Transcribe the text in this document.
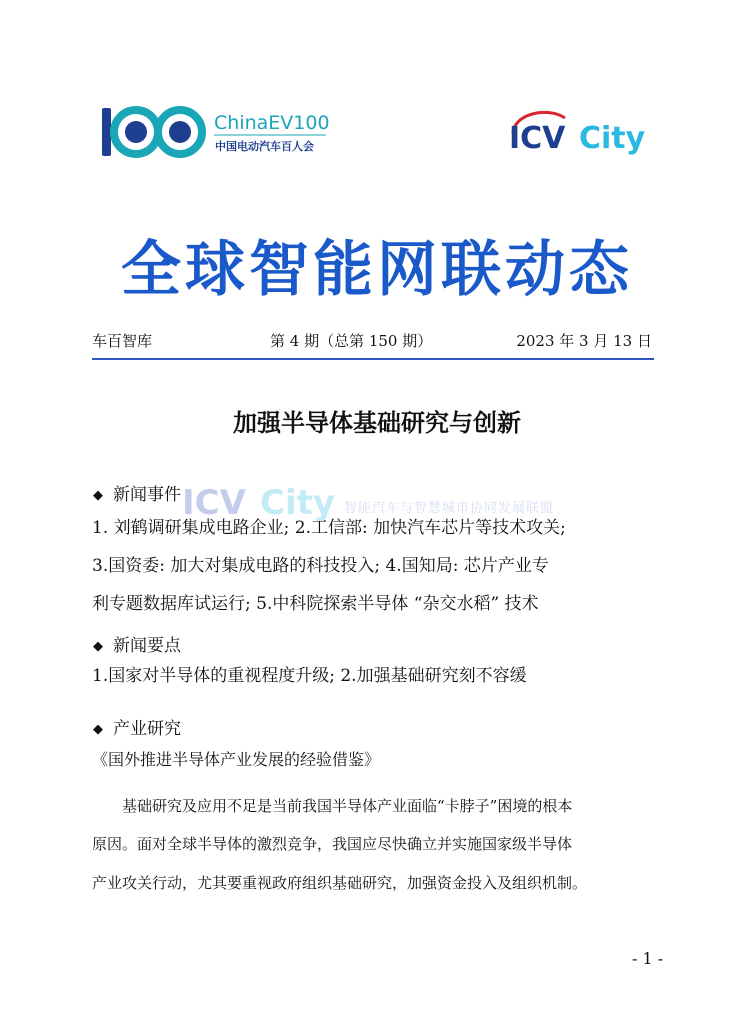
ChinaEV100
中国电动汽车百人会	ICV City
全球智能网联动态
车百智库	第 4 期（总第 150 期）	2023 年 3 月 13 日
加强半导体基础研究与创新
ICV City 智能汽车与智慧城市协同发展联盟
◆ 新闻事件
1. 刘鹤调研集成电路企业; 2.工信部: 加快汽车芯片等技术攻关;
3.国资委: 加大对集成电路的科技投入; 4.国知局: 芯片产业专
利专题数据库试运行; 5.中科院探索半导体 “杂交水稻” 技术
◆ 新闻要点
1.国家对半导体的重视程度升级; 2.加强基础研究刻不容缓
◆ 产业研究
《国外推进半导体产业发展的经验借鉴》
　　基础研究及应用不足是当前我国半导体产业面临“卡脖子”困境的根本
原因。面对全球半导体的激烈竞争，我国应尽快确立并实施国家级半导体
产业攻关行动，尤其要重视政府组织基础研究，加强资金投入及组织机制。
- 1 -
